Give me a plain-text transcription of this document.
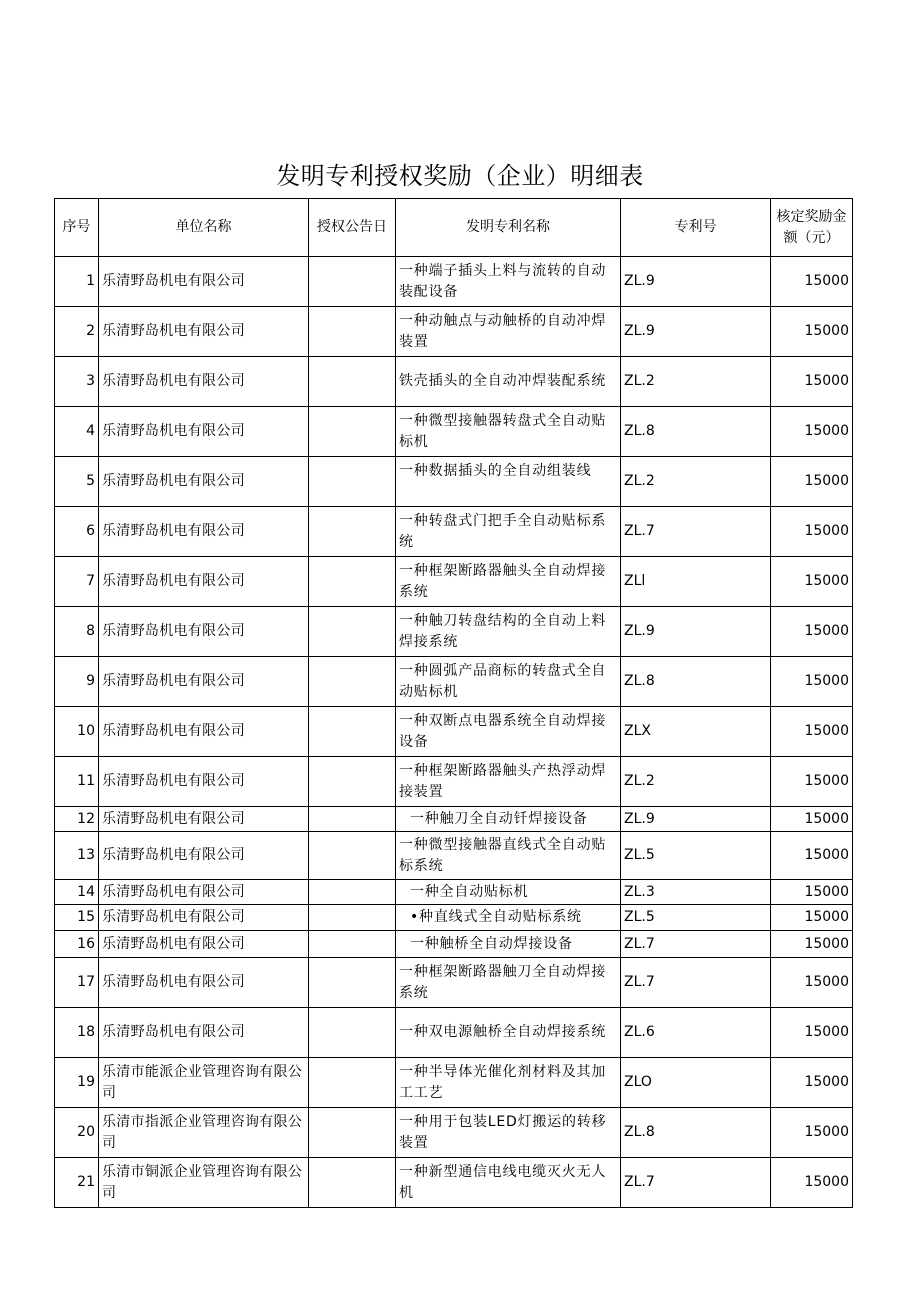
发明专利授权奖励（企业）明细表
序号	单位名称	授权公告日	发明专利名称	专利号	核定奖励金
额（元）
1	乐清野岛机电有限公司		一种端子插头上料与流转的自动装配设备	ZL.9	15000
2	乐清野岛机电有限公司		一种动触点与动触桥的自动冲焊装置	ZL.9	15000
3	乐清野岛机电有限公司		铁壳插头的全自动冲焊装配系统	ZL.2	15000
4	乐清野岛机电有限公司		一种微型接触器转盘式全自动贴标机	ZL.8	15000
5	乐清野岛机电有限公司		一种数据插头的全自动组装线	ZL.2	15000
6	乐清野岛机电有限公司		一种转盘式门把手全自动贴标系统	ZL.7	15000
7	乐清野岛机电有限公司		一种框架断路器触头全自动焊接系统	ZLl	15000
8	乐清野岛机电有限公司		一种触刀转盘结构的全自动上料焊接系统	ZL.9	15000
9	乐清野岛机电有限公司		一种圆弧产品商标的转盘式全自动贴标机	ZL.8	15000
10	乐清野岛机电有限公司		一种双断点电器系统全自动焊接设备	ZLX	15000
11	乐清野岛机电有限公司		一种框架断路器触头产热浮动焊接装置	ZL.2	15000
12	乐清野岛机电有限公司		一种触刀全自动钎焊接设备	ZL.9	15000
13	乐清野岛机电有限公司		一种微型接触器直线式全自动贴标系统	ZL.5	15000
14	乐清野岛机电有限公司		一种全自动贴标机	ZL.3	15000
15	乐清野岛机电有限公司		•种直线式全自动贴标系统	ZL.5	15000
16	乐清野岛机电有限公司		一种触桥全自动焊接设备	ZL.7	15000
17	乐清野岛机电有限公司		一种框架断路器触刀全自动焊接系统	ZL.7	15000
18	乐清野岛机电有限公司		一种双电源触桥全自动焊接系统	ZL.6	15000
19	乐清市能派企业管理咨询有限公司		一种半导体光催化剂材料及其加工工艺	ZLO	15000
20	乐清市指派企业管理咨询有限公司		一种用于包装LED灯搬运的转移装置	ZL.8	15000
21	乐清市铜派企业管理咨询有限公司		一种新型通信电线电缆灭火无人机	ZL.7	15000
